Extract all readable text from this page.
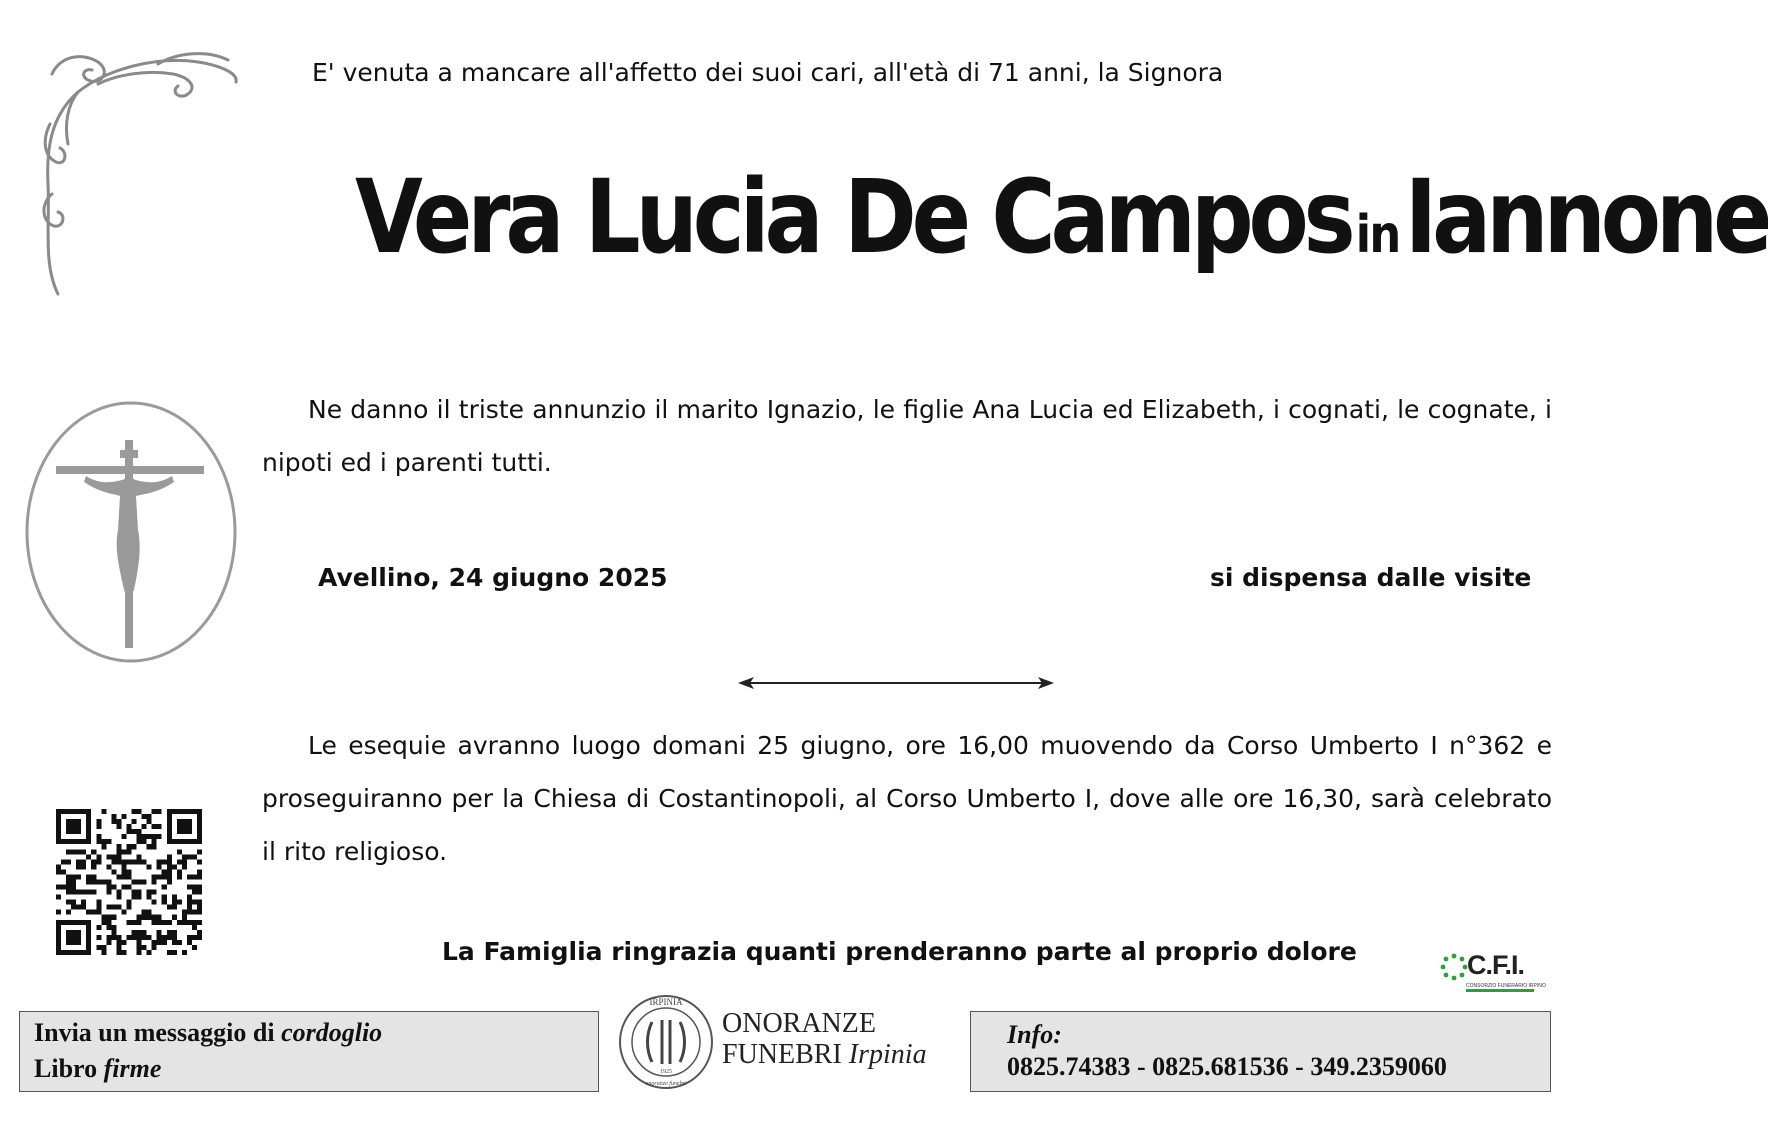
E' venuta a mancare all'affetto dei suoi cari, all'età di 71 anni, la Signora
Vera Lucia De CamposinIannone
Ne danno il triste annunzio il marito Ignazio, le figlie Ana Lucia ed Elizabeth, i cognati, le cognate, i nipoti ed i parenti tutti.
Avellino, 24 giugno 2025	si dispensa dalle visite
Le esequie avranno luogo domani 25 giugno, ore 16,00 muovendo da Corso Umberto I n°362 e proseguiranno per la Chiesa di Costantinopoli, al Corso Umberto I, dove alle ore 16,30, sarà celebrato il rito religioso.
La Famiglia ringrazia quanti prenderanno parte al proprio dolore	C.F.I.
CONSORZIO FUNERARIO IRPINO
Invia un messaggio di cordoglio
Libro firme
IRPINIA
1925
onoranze funebri
ONORANZE
FUNEBRI Irpinia
Info:
0825.74383 - 0825.681536 - 349.2359060
